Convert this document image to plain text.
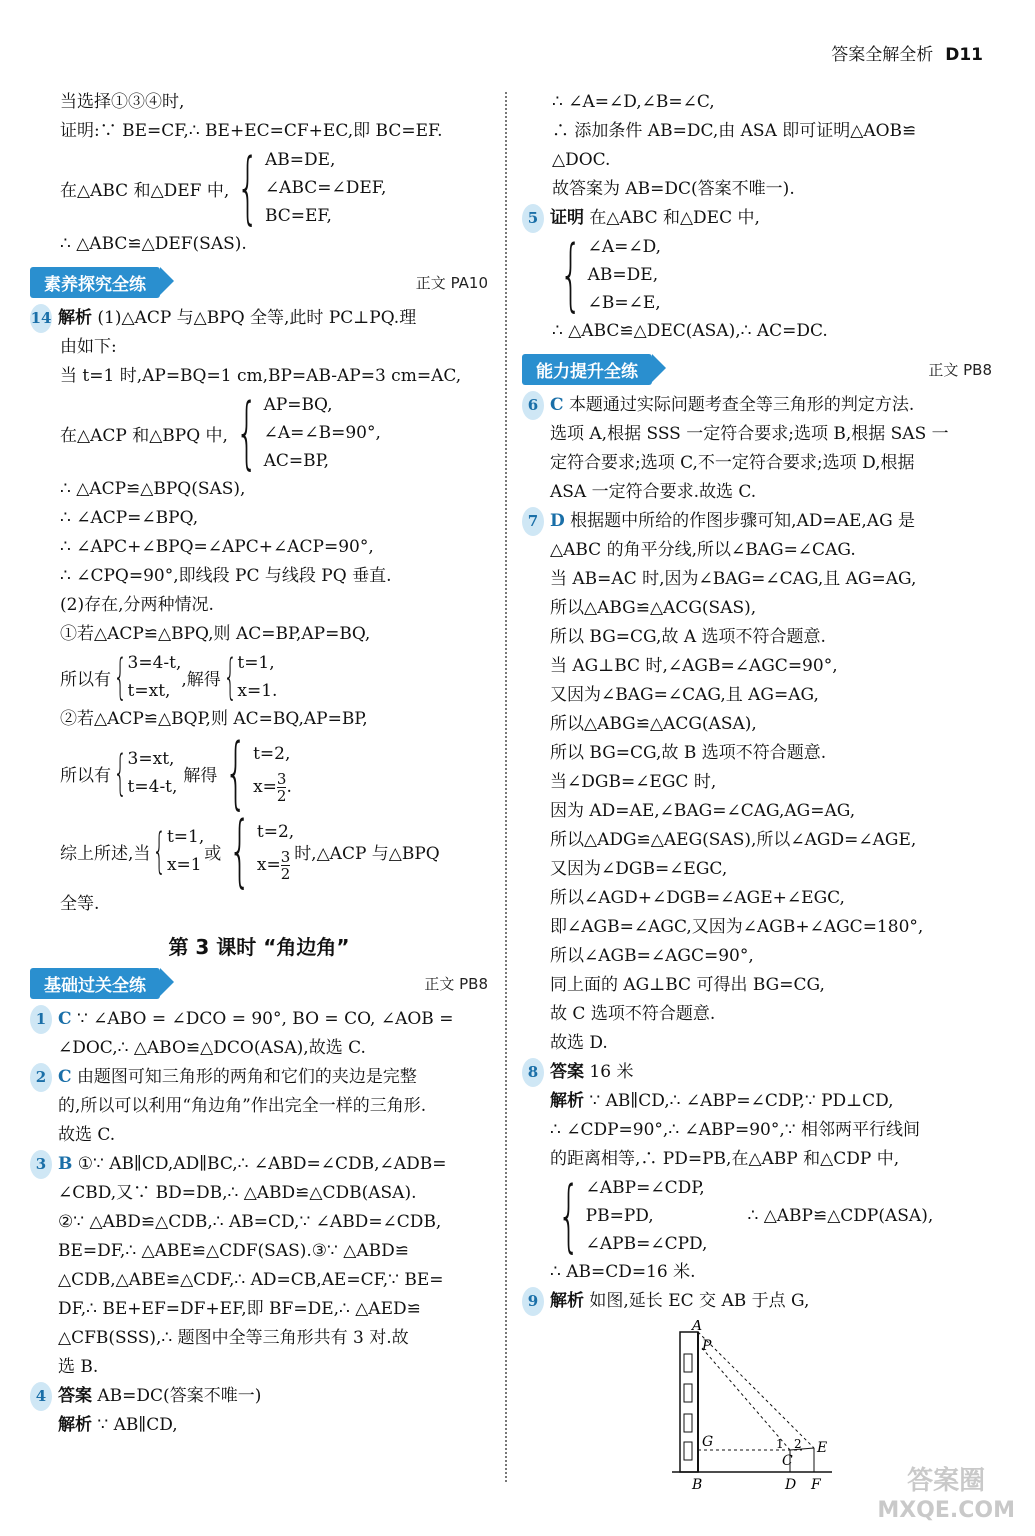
答案全解全析 D11
当选择①③④时,
证明:∵ BE=CF,∴ BE+EC=CF+EC,即 BC=EF.
在△ABC 和△DEF 中, { AB=DE,
∠ABC=∠DEF,
BC=EF,
∴ △ABC≌△DEF(SAS).
素养探究全练	正文 PA10
14 解析 (1)△ACP 与△BPQ 全等,此时 PC⊥PQ.理
由如下:
当 t=1 时,AP=BQ=1 cm,BP=AB-AP=3 cm=AC,
在△ACP 和△BPQ 中, { AP=BQ,
∠A=∠B=90°,
AC=BP,
∴ △ACP≌△BPQ(SAS),
∴ ∠ACP=∠BPQ,
∴ ∠APC+∠BPQ=∠APC+∠ACP=90°,
∴ ∠CPQ=90°,即线段 PC 与线段 PQ 垂直.
(2)存在,分两种情况.
①若△ACP≌△BPQ,则 AC=BP,AP=BQ,
所以有 { 3=4-t,
t=xt,
,解得 { t=1,
x=1.
②若△ACP≌△BQP,则 AC=BQ,AP=BP,
所以有 { 3=xt,
t=4-t,
解得 { t=2,
$x= \frac{3}{2}$ .
综上所述,当 { t=1,
x=1
或 { t=2,
$x= \frac{3}{2}$ 时,△ACP 与△BPQ
全等.
第 3 课时 “角边角”
基础过关全练	正文 PB8
1 C ∵ ∠ABO = ∠DCO = 90°, BO = CO, ∠AOB =
∠DOC,∴ △ABO≌△DCO(ASA),故选 C.
2 C 由题图可知三角形的两角和它们的夹边是完整
的,所以可以利用“角边角”作出完全一样的三角形.
故选 C.
3 B ①∵ AB∥CD,AD∥BC,∴ ∠ABD=∠CDB,∠ADB=
∠CBD,又∵ BD=DB,∴ △ABD≌△CDB(ASA).
②∵ △ABD≌△CDB,∴ AB=CD,∵ ∠ABD=∠CDB,
BE=DF,∴ △ABE≌△CDF(SAS).③∵ △ABD≌
△CDB,△ABE≌△CDF,∴ AD=CB,AE=CF,∵ BE=
DF,∴ BE+EF=DF+EF,即 BF=DE,∴ △AED≌
△CFB(SSS),∴ 题图中全等三角形共有 3 对.故
选 B.
4 答案 AB=DC(答案不唯一)
解析 ∵ AB∥CD,
∴ ∠A=∠D,∠B=∠C,
∴ 添加条件 AB=DC,由 ASA 即可证明△AOB≌
△DOC.
故答案为 AB=DC(答案不唯一).
5 证明 在△ABC 和△DEC 中,
{ ∠A=∠D,
AB=DE,
∠B=∠E,
∴ △ABC≌△DEC(ASA),∴ AC=DC.
能力提升全练	正文 PB8
6 C 本题通过实际问题考查全等三角形的判定方法.
选项 A,根据 SSS 一定符合要求;选项 B,根据 SAS 一
定符合要求;选项 C,不一定符合要求;选项 D,根据
ASA 一定符合要求.故选 C.
7 D 根据题中所给的作图步骤可知,AD=AE,AG 是
△ABC 的角平分线,所以∠BAG=∠CAG.
当 AB=AC 时,因为∠BAG=∠CAG,且 AG=AG,
所以△ABG≌△ACG(SAS),
所以 BG=CG,故 A 选项不符合题意.
当 AG⊥BC 时,∠AGB=∠AGC=90°,
又因为∠BAG=∠CAG,且 AG=AG,
所以△ABG≌△ACG(ASA),
所以 BG=CG,故 B 选项不符合题意.
当∠DGB=∠EGC 时,
因为 AD=AE,∠BAG=∠CAG,AG=AG,
所以△ADG≌△AEG(SAS),所以∠AGD=∠AGE,
又因为∠DGB=∠EGC,
所以∠AGD+∠DGB=∠AGE+∠EGC,
即∠AGB=∠AGC,又因为∠AGB+∠AGC=180°,
所以∠AGB=∠AGC=90°,
同上面的 AG⊥BC 可得出 BG=CG,
故 C 选项不符合题意.
故选 D.
8 答案 16 米
解析 ∵ AB∥CD,∴ ∠ABP=∠CDP,∵ PD⊥CD,
∴ ∠CDP=90°,∴ ∠ABP=90°,∵ 相邻两平行线间
的距离相等,∴ PD=PB,在△ABP 和△CDP 中,
{ ∠ABP=∠CDP,
PB=PD,
∠APB=∠CPD,
∴ △ABP≌△CDP(ASA),
∴ AB=CD=16 米.
9 解析 如图,延长 EC 交 AB 于点 G,
A
P
G
B
C
D
E
F
1 2
答案圈
MXQE.COM
